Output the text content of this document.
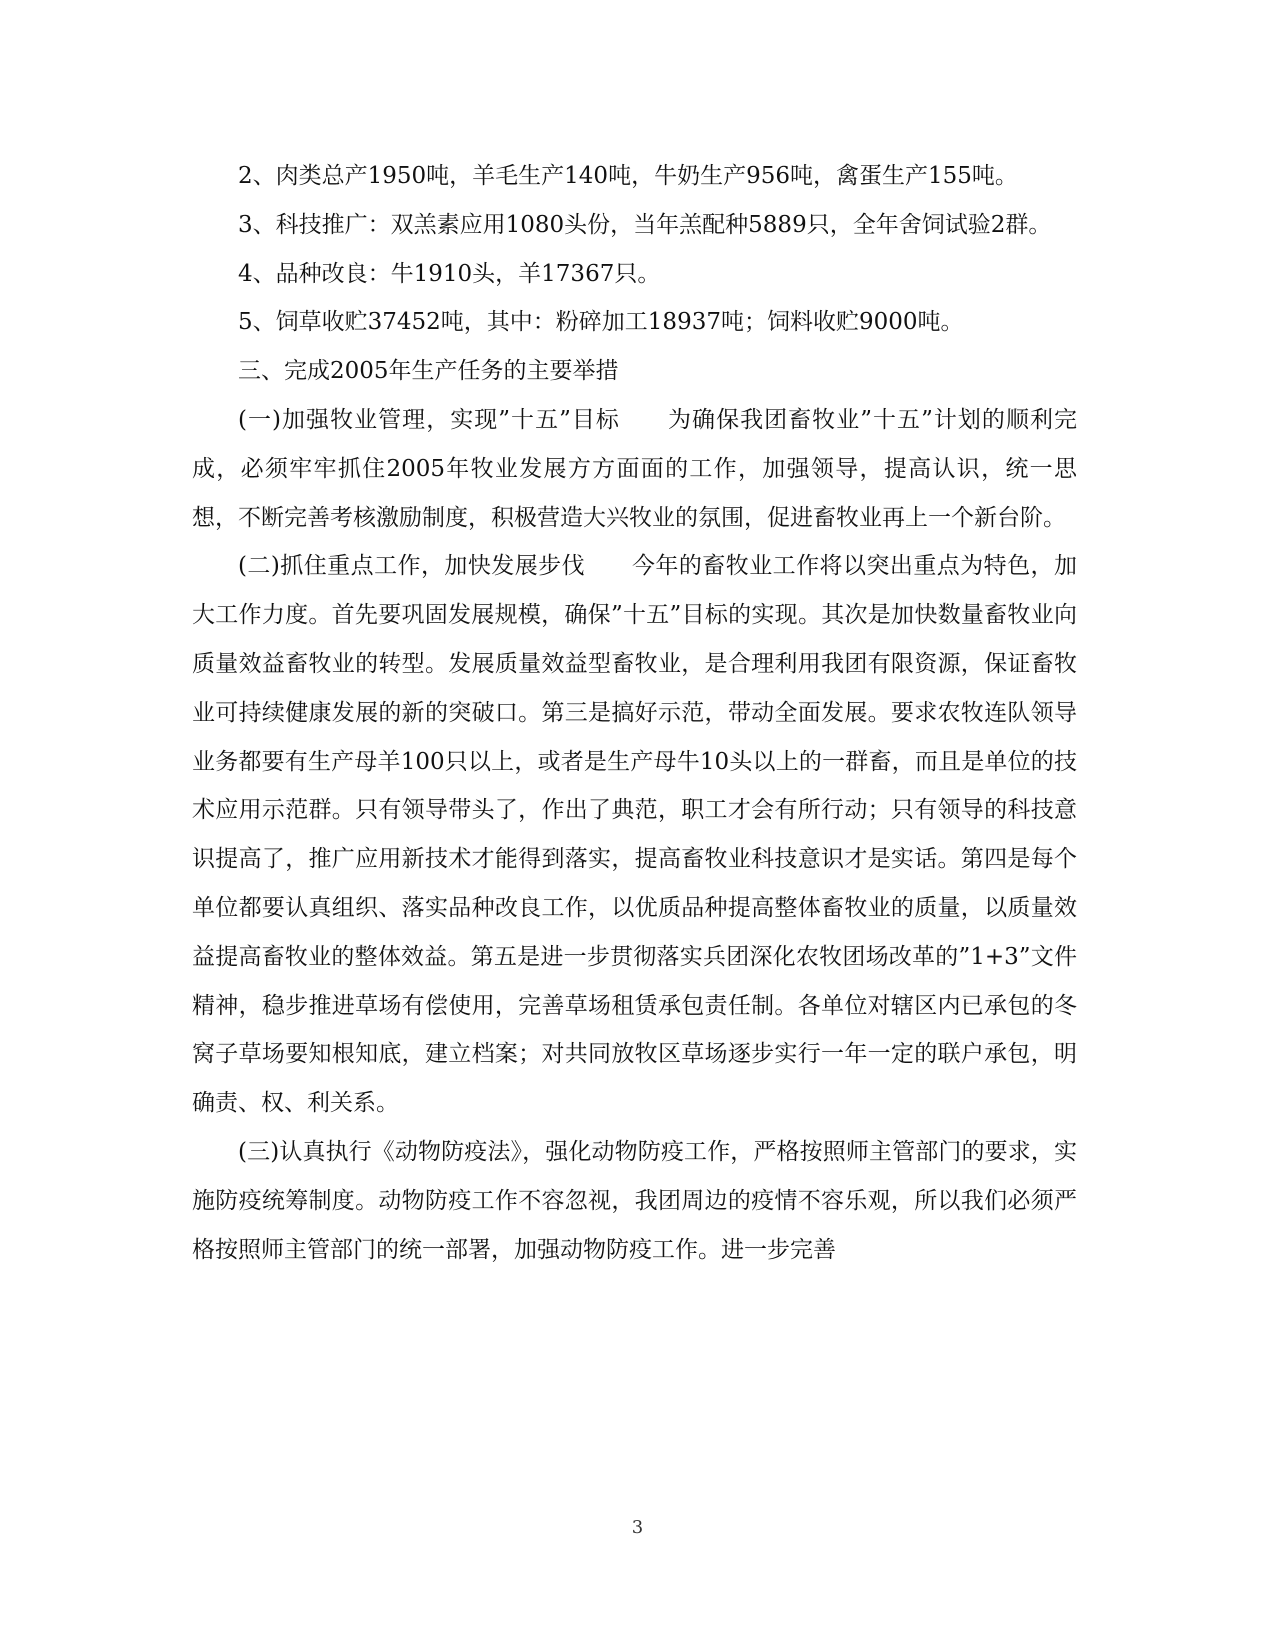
2、肉类总产1950吨，羊毛生产140吨，牛奶生产956吨，禽蛋生产155吨。

3、科技推广：双羔素应用1080头份，当年羔配种5889只，全年舍饲试验2群。

4、品种改良：牛1910头，羊17367只。

5、饲草收贮37452吨，其中：粉碎加工18937吨；饲料收贮9000吨。

三、完成2005年生产任务的主要举措

(一)加强牧业管理，实现”十五”目标　　为确保我团畜牧业”十五”计划的顺利完成，必须牢牢抓住2005年牧业发展方方面面的工作，加强领导，提高认识，统一思想，不断完善考核激励制度，积极营造大兴牧业的氛围，促进畜牧业再上一个新台阶。

(二)抓住重点工作，加快发展步伐　　今年的畜牧业工作将以突出重点为特色，加大工作力度。首先要巩固发展规模，确保”十五”目标的实现。其次是加快数量畜牧业向质量效益畜牧业的转型。发展质量效益型畜牧业，是合理利用我团有限资源，保证畜牧业可持续健康发展的新的突破口。第三是搞好示范，带动全面发展。要求农牧连队领导业务都要有生产母羊100只以上，或者是生产母牛10头以上的一群畜，而且是单位的技术应用示范群。只有领导带头了，作出了典范，职工才会有所行动；只有领导的科技意识提高了，推广应用新技术才能得到落实，提高畜牧业科技意识才是实话。第四是每个单位都要认真组织、落实品种改良工作，以优质品种提高整体畜牧业的质量，以质量效益提高畜牧业的整体效益。第五是进一步贯彻落实兵团深化农牧团场改革的”1+3”文件精神，稳步推进草场有偿使用，完善草场租赁承包责任制。各单位对辖区内已承包的冬窝子草场要知根知底，建立档案；对共同放牧区草场逐步实行一年一定的联户承包，明确责、权、利关系。

(三)认真执行《动物防疫法》，强化动物防疫工作，严格按照师主管部门的要求，实施防疫统筹制度。动物防疫工作不容忽视，我团周边的疫情不容乐观，所以我们必须严格按照师主管部门的统一部署，加强动物防疫工作。进一步完善

3
